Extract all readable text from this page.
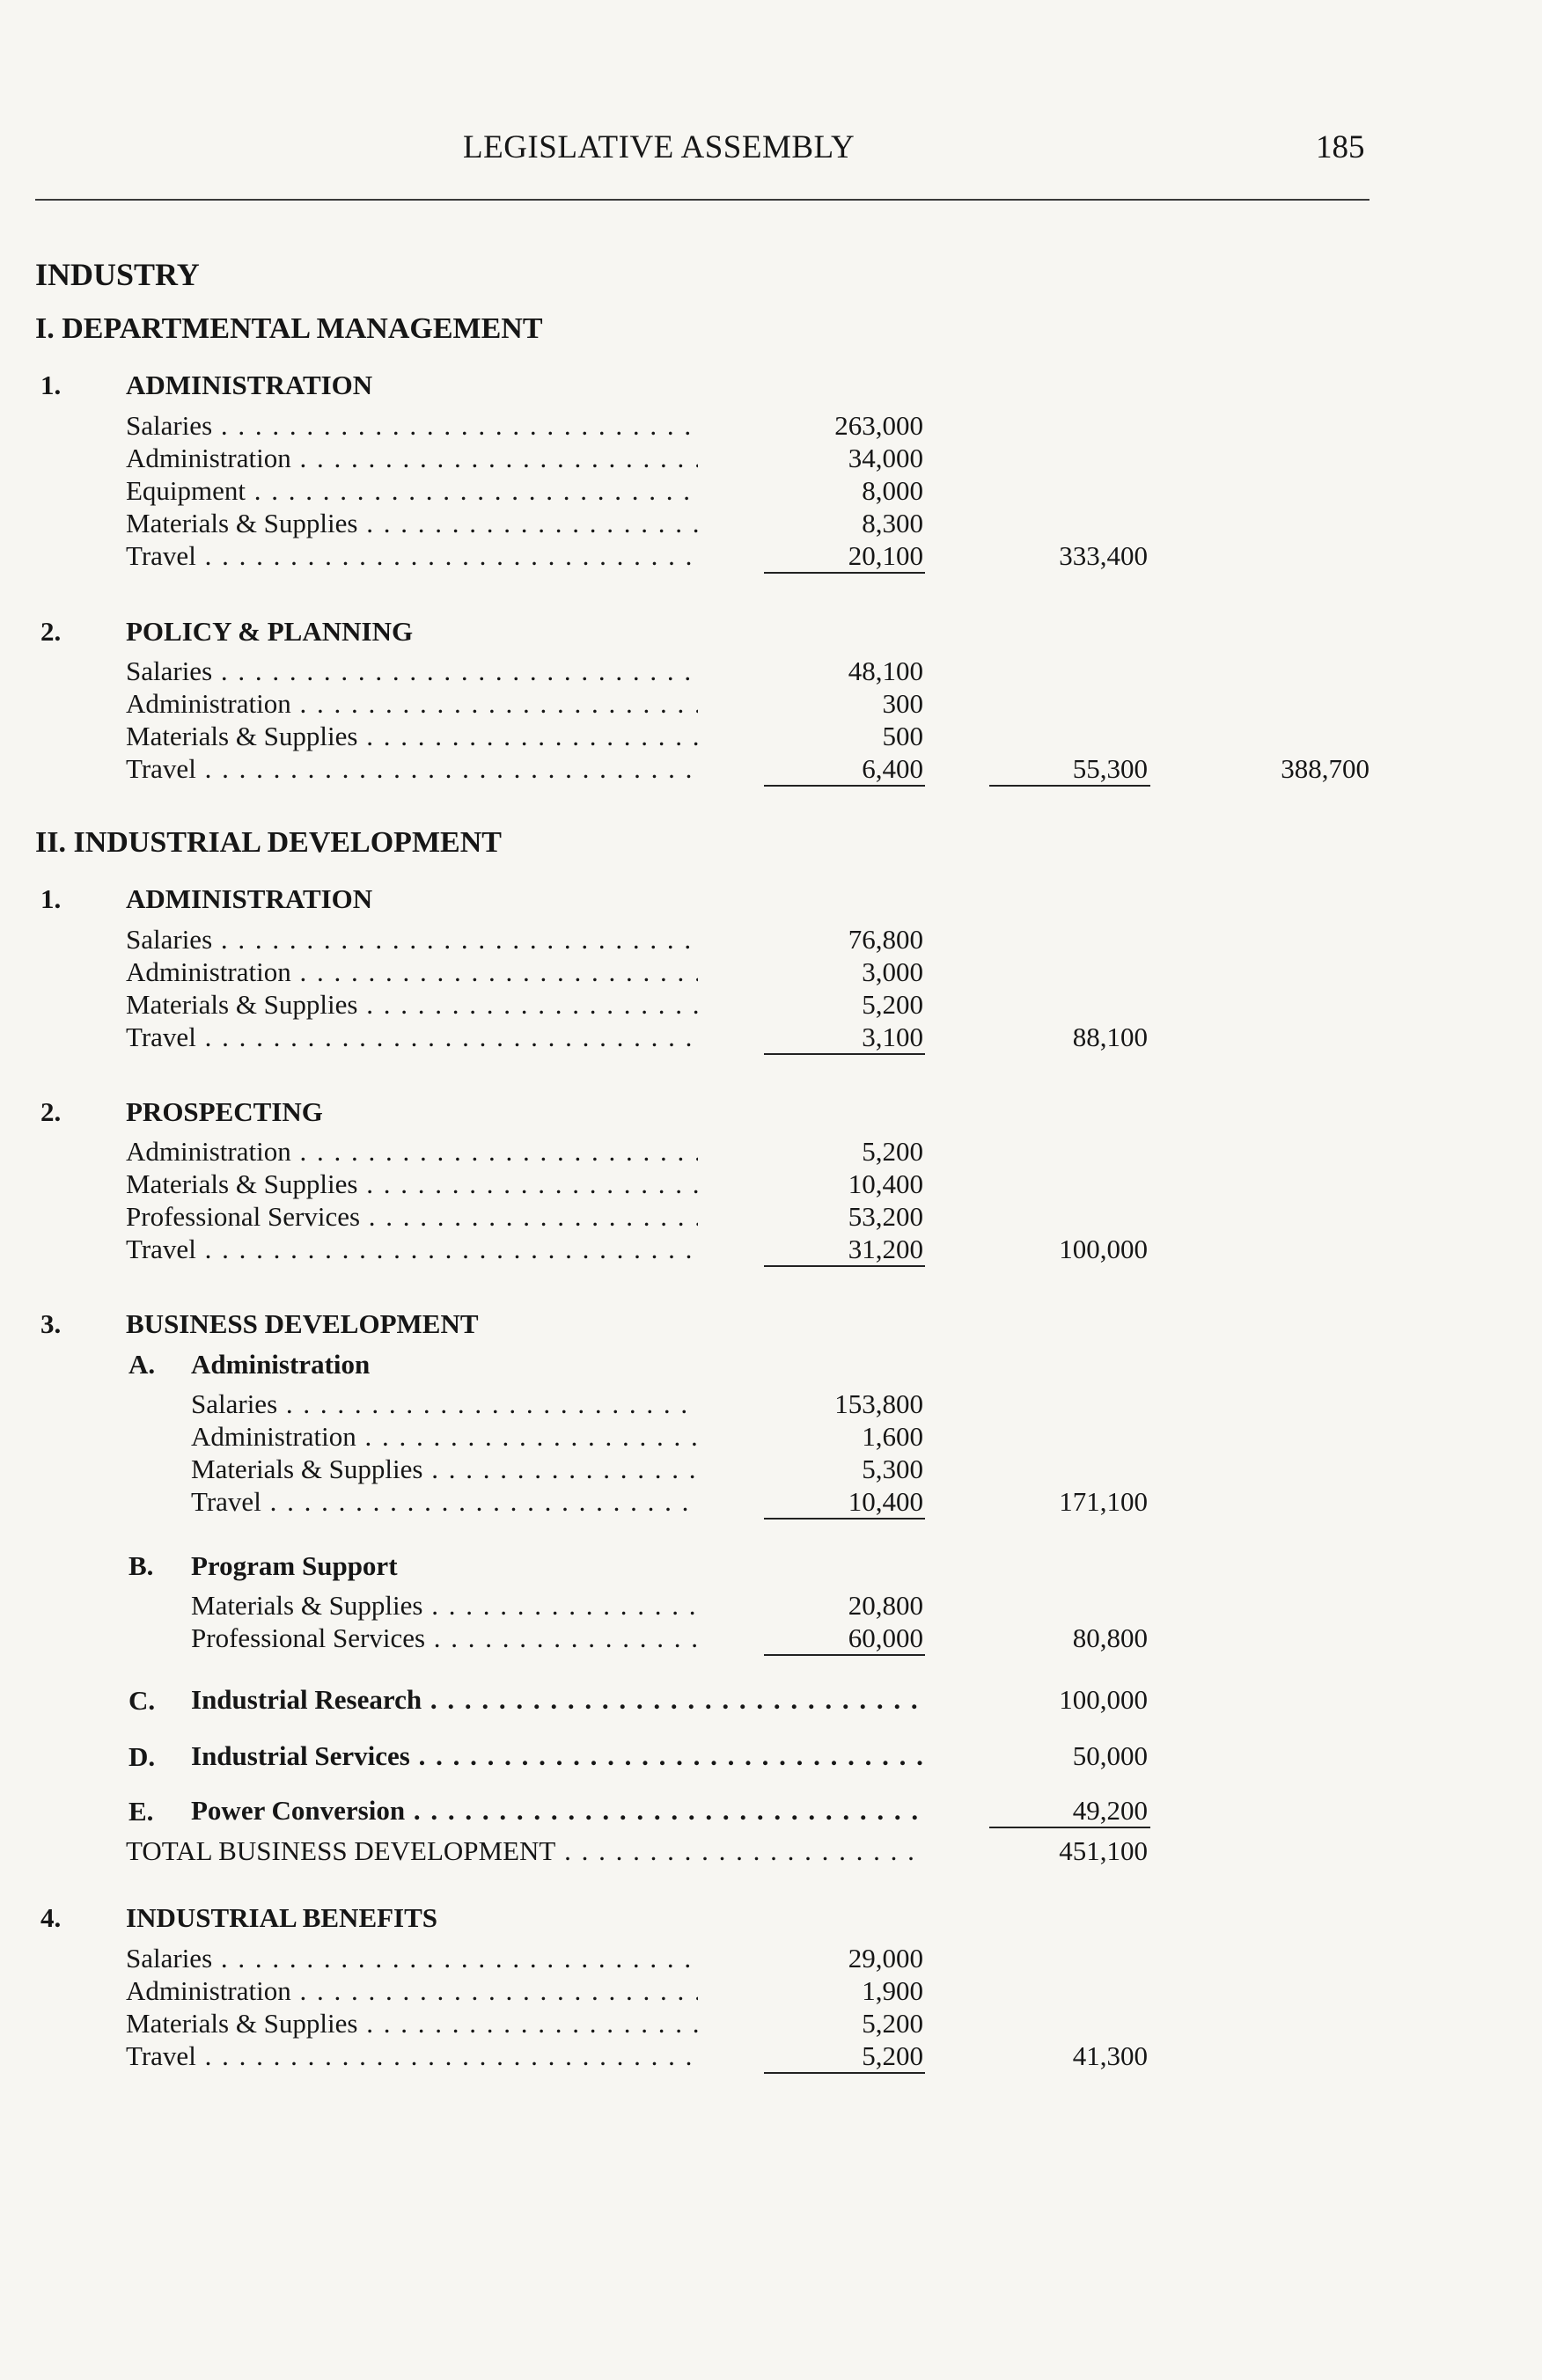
LEGISLATIVE ASSEMBLY	185
INDUSTRY
I. DEPARTMENTAL MANAGEMENT
1. ADMINISTRATION
Salaries . . .	263,000
Administration . . .	34,000
Equipment . . .	8,000
Materials & Supplies . . .	8,300
Travel . . .	20,100	333,400
2. POLICY & PLANNING
Salaries . . .	48,100
Administration . . .	300
Materials & Supplies . . .	500
Travel . . .	6,400	55,300	388,700
II. INDUSTRIAL DEVELOPMENT
1. ADMINISTRATION
Salaries . . .	76,800
Administration . . .	3,000
Materials & Supplies . . .	5,200
Travel . . .	3,100	88,100
2. PROSPECTING
Administration . . .	5,200
Materials & Supplies . . .	10,400
Professional Services . . .	53,200
Travel . . .	31,200	100,000
3. BUSINESS DEVELOPMENT
A. Administration
Salaries . . .	153,800
Administration . . .	1,600
Materials & Supplies . . .	5,300
Travel . . .	10,400	171,100
B. Program Support
Materials & Supplies . . .	20,800
Professional Services . . .	60,000	80,800
C. Industrial Research . . .	100,000
D. Industrial Services . . .	50,000
E. Power Conversion . . .	49,200
TOTAL BUSINESS DEVELOPMENT . . .	451,100
4. INDUSTRIAL BENEFITS
Salaries . . .	29,000
Administration . . .	1,900
Materials & Supplies . . .	5,200
Travel . . .	5,200	41,300
